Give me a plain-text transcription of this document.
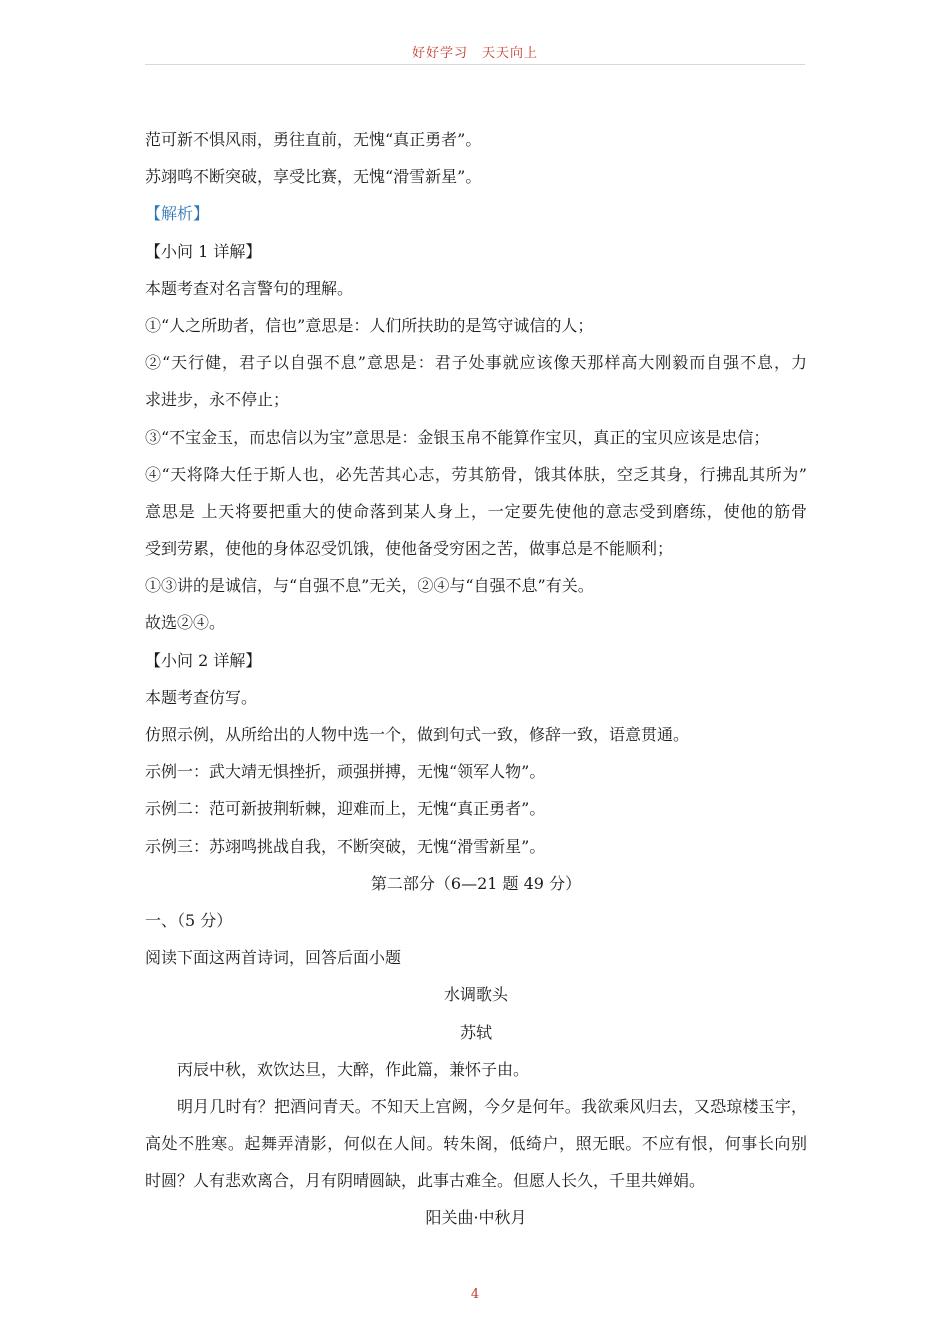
好好学习　天天向上
范可新不惧风雨，勇往直前，无愧“真正勇者”。
苏翊鸣不断突破，享受比赛，无愧“滑雪新星”。
【解析】
【小问 1 详解】
本题考查对名言警句的理解。
①“人之所助者，信也”意思是：人们所扶助的是笃守诚信的人；
②“天行健，君子以自强不息”意思是：君子处事就应该像天那样高大刚毅而自强不息，力
求进步，永不停止；
③“不宝金玉，而忠信以为宝”意思是：金银玉帛不能算作宝贝，真正的宝贝应该是忠信；
④“天将降大任于斯人也，必先苦其心志，劳其筋骨，饿其体肤，空乏其身，行拂乱其所为”
意思是 上天将要把重大的使命落到某人身上，一定要先使他的意志受到磨练，使他的筋骨
受到劳累，使他的身体忍受饥饿，使他备受穷困之苦，做事总是不能顺利；
①③讲的是诚信，与“自强不息”无关，②④与“自强不息”有关。
故选②④。
【小问 2 详解】
本题考查仿写。
仿照示例，从所给出的人物中选一个，做到句式一致，修辞一致，语意贯通。
示例一：武大靖无惧挫折，顽强拼搏，无愧“领军人物”。
示例二：范可新披荆斩棘，迎难而上，无愧“真正勇者”。
示例三：苏翊鸣挑战自我，不断突破，无愧“滑雪新星”。
第二部分（6—21 题 49 分）
一、（5 分）
阅读下面这两首诗词，回答后面小题
水调歌头
苏轼
丙辰中秋，欢饮达旦，大醉，作此篇，兼怀子由。
明月几时有？把酒问青天。不知天上宫阙，今夕是何年。我欲乘风归去，又恐琼楼玉宇，
高处不胜寒。起舞弄清影，何似在人间。转朱阁，低绮户，照无眠。不应有恨，何事长向别
时圆？人有悲欢离合，月有阴晴圆缺，此事古难全。但愿人长久，千里共婵娟。
阳关曲·中秋月
4
